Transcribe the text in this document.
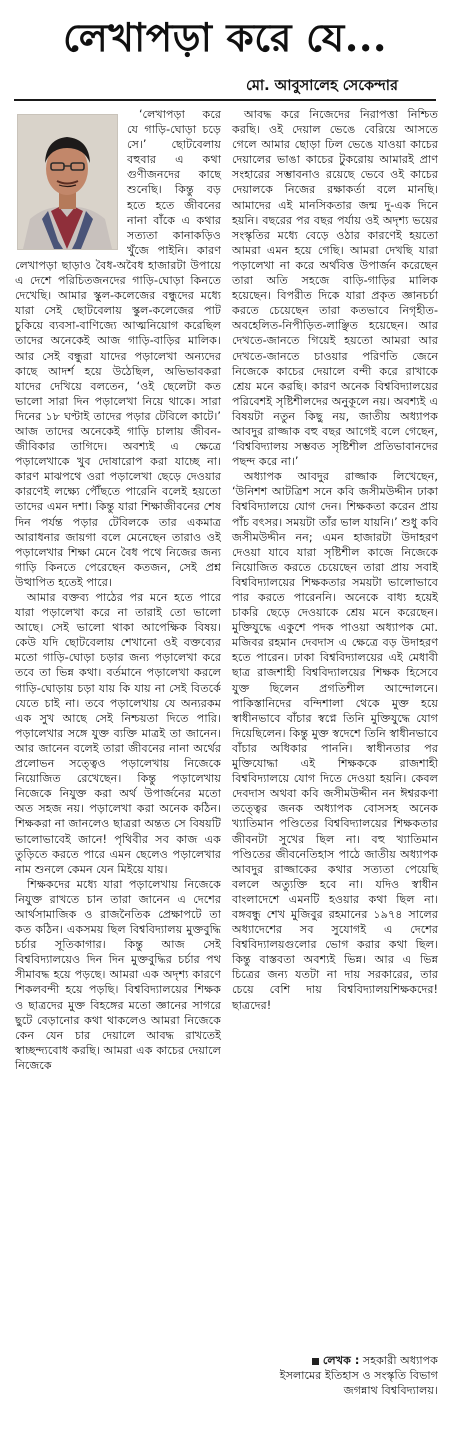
লেখাপড়া করে যে...
মো. আবুসালেহ সেকেন্দার

‘লেখাপড়া করে যে গাড়ি-ঘোড়া চড়ে সে।’ ছোটবেলায় বহুবার এ কথা গুণীজনদের কাছে শুনেছি। কিন্তু বড় হতে হতে জীবনের নানা বাঁকে এ কথার সত্যতা কানাকড়িও খুঁজে পাইনি। কারণ লেখাপড়া ছাড়াও বৈধ-অবৈধ হাজারটা উপায়ে এ দেশে পরিচিতজনদের গাড়ি-ঘোড়া কিনতে দেখেছি। আমার স্কুল-কলেজের বন্ধুদের মধ্যে যারা সেই ছোটবেলায় স্কুল-কলেজের পাট চুকিয়ে ব্যবসা-বাণিজ্যে আত্মনিয়োগ করেছিল তাদের অনেকেই আজ গাড়ি-বাড়ির মালিক। আর সেই বন্ধুরা যাদের পড়ালেখা অন্যদের কাছে আদর্শ হয়ে উঠেছিল, অভিভাবকরা যাদের দেখিয়ে বলতেন, ‘ওই ছেলেটা কত ভালো সারা দিন পড়ালেখা নিয়ে থাকে। সারা দিনের ১৮ ঘণ্টাই তাদের পড়ার টেবিলে কাটে।’ আজ তাদের অনেকেই গাড়ি চালায় জীবন-জীবিকার তাগিদে। অবশ্যই এ ক্ষেত্রে পড়ালেখাকে খুব দোষারোপ করা যাচ্ছে না। কারণ মাঝপথে ওরা পড়ালেখা ছেড়ে দেওয়ার কারণেই লক্ষ্যে পৌঁছতে পারেনি বলেই হয়তো তাদের এমন দশা। কিন্তু যারা শিক্ষাজীবনের শেষ দিন পর্যন্ত পড়ার টেবিলকে তার একমাত্র আরাধনার জায়গা বলে মেনেছেন তারাও ওই পড়ালেখার শিক্ষা মেনে বৈধ পথে নিজের জন্য গাড়ি কিনতে পেরেছেন কতজন, সেই প্রশ্ন উত্থাপিত হতেই পারে।

আমার বক্তব্য পাঠের পর মনে হতে পারে যারা পড়ালেখা করে না তারাই তো ভালো আছে। সেই ভালো থাকা আপেক্ষিক বিষয়। কেউ যদি ছোটবেলায় শেখানো ওই বক্তব্যের মতো গাড়ি-ঘোড়া চড়ার জন্য পড়ালেখা করে তবে তা ভিন্ন কথা। বর্তমানে পড়ালেখা করলে গাড়ি-ঘোড়ায় চড়া যায় কি যায় না সেই বিতর্কে যেতে চাই না। তবে পড়ালেখায় যে অন্যরকম এক সুখ আছে সেই নিশ্চয়তা দিতে পারি। পড়ালেখার সঙ্গে যুক্ত ব্যক্তি মাত্রই তা জানেন। আর জানেন বলেই তারা জীবনের নানা অর্থের প্রলোভন সত্ত্বেও পড়ালেখায় নিজেকে নিয়োজিত রেখেছেন। কিন্তু পড়ালেখায় নিজেকে নিযুক্ত করা অর্থ উপার্জনের মতো অত সহজ নয়। পড়ালেখা করা অনেক কঠিন। শিক্ষকরা না জানলেও ছাত্ররা অন্তত সে বিষয়টি ভালোভাবেই জানে! পৃথিবীর সব কাজ এক তুড়িতে করতে পারে এমন ছেলেও পড়ালেখার নাম শুনলে কেমন যেন মিইয়ে যায়।

শিক্ষকদের মধ্যে যারা পড়ালেখায় নিজেকে নিযুক্ত রাখতে চান তারা জানেন এ দেশের আর্থসামাজিক ও রাজনৈতিক প্রেক্ষাপটে তা কত কঠিন। একসময় ছিল বিশ্ববিদ্যালয় মুক্তবুদ্ধি চর্চার সূতিকাগার। কিন্তু আজ সেই বিশ্ববিদ্যালয়েও দিন দিন মুক্তবুদ্ধির চর্চার পথ সীমাবদ্ধ হয়ে পড়ছে। আমরা এক অদৃশ্য কারণে শিকলবন্দী হয়ে পড়ছি। বিশ্ববিদ্যালয়ের শিক্ষক ও ছাত্রদের মুক্ত বিহঙ্গের মতো জ্ঞানের সাগরে ছুটে বেড়ানোর কথা থাকলেও আমরা নিজেকে কেন যেন চার দেয়ালে আবদ্ধ রাখতেই স্বাচ্ছন্দ্যবোধ করছি। আমরা এক কাচের দেয়ালে নিজেকে

আবদ্ধ করে নিজেদের নিরাপত্তা নিশ্চিত করছি। ওই দেয়াল ভেঙে বেরিয়ে আসতে গেলে আমার ছোড়া ঢিল ভেঙে যাওয়া কাচের দেয়ালের ভাঙা কাচের টুকরোয় আমারই প্রাণ সংহারের সম্ভাবনাও রয়েছে ভেবে ওই কাচের দেয়ালকে নিজের রক্ষাকর্তা বলে মানছি। আমাদের এই মানসিকতার জন্ম দু-এক দিনে হয়নি। বছরের পর বছর পর্যায় ওই অদৃশ্য ভয়ের সংস্কৃতির মধ্যে বেড়ে ওঠার কারণেই হয়তো আমরা এমন হয়ে গেছি। আমরা দেখছি যারা পড়ালেখা না করে অর্থবিত্ত উপার্জন করেছেন তারা অতি সহজে বাড়ি-গাড়ির মালিক হয়েছেন। বিপরীত দিকে যারা প্রকৃত জ্ঞানচর্চা করতে চেয়েছেন তারা কতভাবে নিগৃহীত-অবহেলিত-নিপীড়িত-লাঞ্ছিত হয়েছেন। আর দেখতে-জানতে গিয়েই হয়তো আমরা আর দেখতে-জানতে চাওয়ার পরিণতি জেনে নিজেকে কাচের দেয়ালে বন্দী করে রাখাকে শ্রেয় মনে করছি। কারণ অনেক বিশ্ববিদ্যালয়ের পরিবেশই সৃষ্টিশীলদের অনুকূলে নয়। অবশ্যই এ বিষয়টা নতুন কিছু নয়, জাতীয় অধ্যাপক আবদুর রাজ্জাক বহু বছর আগেই বলে গেছেন, ‘বিশ্ববিদ্যালয় সম্ভবত সৃষ্টিশীল প্রতিভাবানদের পছন্দ করে না।’

অধ্যাপক আবদুর রাজ্জাক লিখেছেন, ‘উনিশশ আটত্রিশ সনে কবি জসীমউদ্দীন ঢাকা বিশ্ববিদ্যালয়ে যোগ দেন। শিক্ষকতা করেন প্রায় পাঁচ বৎসর। সময়টা তাঁর ভাল যায়নি।’ শুধু কবি জসীমউদ্দীন নন; এমন হাজারটা উদাহরণ দেওয়া যাবে যারা সৃষ্টিশীল কাজে নিজেকে নিয়োজিত করতে চেয়েছেন তারা প্রায় সবাই বিশ্ববিদ্যালয়ের শিক্ষকতার সময়টা ভালোভাবে পার করতে পারেননি। অনেকে বাধ্য হয়েই চাকরি ছেড়ে দেওয়াকে শ্রেয় মনে করেছেন। মুক্তিযুদ্ধে একুশে পদক পাওয়া অধ্যাপক মো. মজিবর রহমান দেবদাস এ ক্ষেত্রে বড় উদাহরণ হতে পারেন। ঢাকা বিশ্ববিদ্যালয়ের এই মেধাবী ছাত্র রাজশাহী বিশ্ববিদ্যালয়ের শিক্ষক হিসেবে যুক্ত ছিলেন প্রগতিশীল আন্দোলনে। পাকিস্তানিদের বন্দিশালা থেকে মুক্ত হয়ে স্বাধীনভাবে বাঁচার স্বপ্নে তিনি মুক্তিযুদ্ধে যোগ দিয়েছিলেন। কিন্তু মুক্ত স্বদেশে তিনি স্বাধীনভাবে বাঁচার অধিকার পাননি। স্বাধীনতার পর মুক্তিযোদ্ধা এই শিক্ষককে রাজশাহী বিশ্ববিদ্যালয়ে যোগ দিতে দেওয়া হয়নি। কেবল দেবদাস অথবা কবি জসীমউদ্দীন নন ঈশ্বরকণা তত্ত্বের জনক অধ্যাপক বোসসহ অনেক খ্যাতিমান পণ্ডিতের বিশ্ববিদ্যালয়ের শিক্ষকতার জীবনটা সুখের ছিল না। বহু খ্যাতিমান পণ্ডিতের জীবনেতিহাস পাঠে জাতীয় অধ্যাপক আবদুর রাজ্জাকের কথার সত্যতা পেয়েছি বললে অত্যুক্তি হবে না। যদিও স্বাধীন বাংলাদেশে এমনটি হওয়ার কথা ছিল না। বঙ্গবন্ধু শেখ মুজিবুর রহমানের ১৯৭৪ সালের অধ্যাদেশের সব সুযোগই এ দেশের বিশ্ববিদ্যালয়গুলোর ভোগ করার কথা ছিল। কিন্তু বাস্তবতা অবশ্যই ভিন্ন। আর এ ভিন্ন চিত্রের জন্য যতটা না দায় সরকারের, তার চেয়ে বেশি দায় বিশ্ববিদ্যালয়শিক্ষকদের! ছাত্রদের!

লেখক : সহকারী অধ্যাপক
ইসলামের ইতিহাস ও সংস্কৃতি বিভাগ
জগন্নাথ বিশ্ববিদ্যালয়।
